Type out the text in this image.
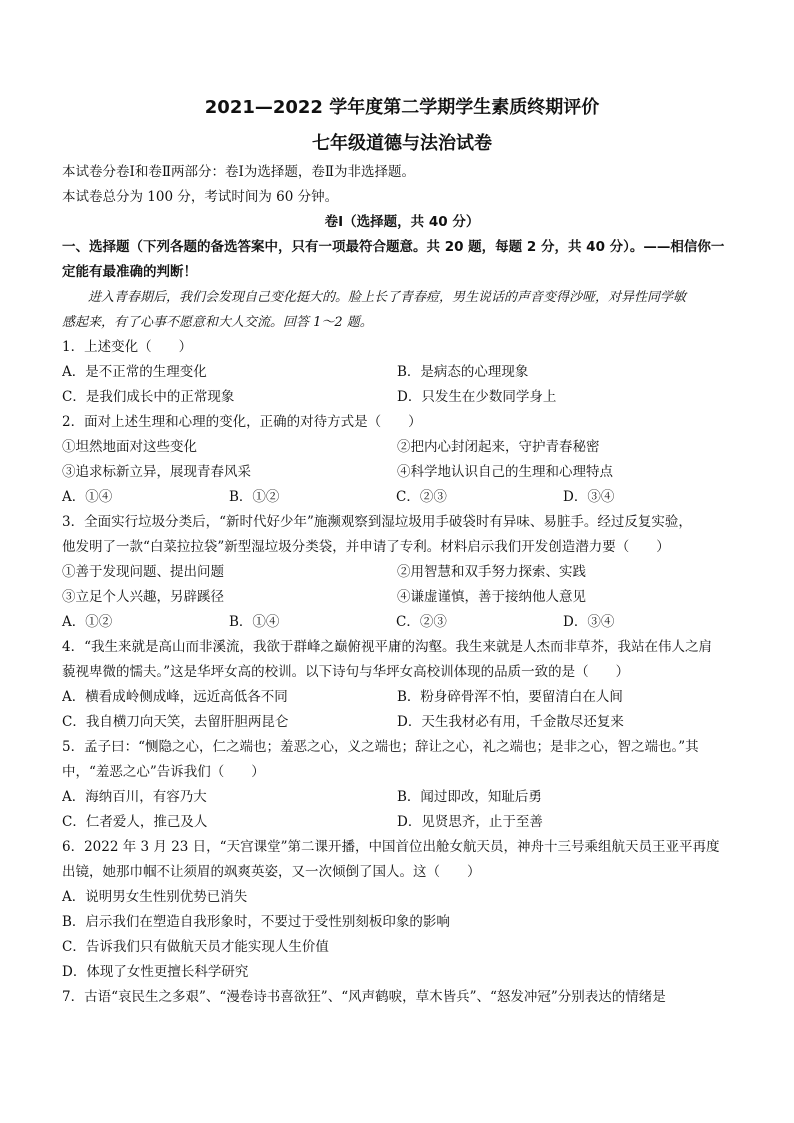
2021—2022 学年度第二学期学生素质终期评价
七年级道德与法治试卷
本试卷分卷Ⅰ和卷Ⅱ两部分：卷Ⅰ为选择题，卷Ⅱ为非选择题。
本试卷总分为 100 分，考试时间为 60 分钟。
卷Ⅰ（选择题，共 40 分）
一、选择题（下列各题的备选答案中，只有一项最符合题意。共 20 题，每题 2 分，共 40 分）。——相信你一
定能有最准确的判断！
进入青春期后，我们会发现自己变化挺大的。脸上长了青春痘，男生说话的声音变得沙哑，对异性同学敏
感起来，有了心事不愿意和大人交流。回答 1～2 题。
1．上述变化（　　）
A．是不正常的生理变化	B．是病态的心理现象
C．是我们成长中的正常现象	D．只发生在少数同学身上
2．面对上述生理和心理的变化，正确的对待方式是（　　）
①坦然地面对这些变化	②把内心封闭起来，守护青春秘密
③追求标新立异，展现青春风采	④科学地认识自己的生理和心理特点
A．①④	B．①②	C．②③	D．③④
3．全面实行垃圾分类后，“新时代好少年”施濒观察到湿垃圾用手破袋时有异味、易脏手。经过反复实验，
他发明了一款“白菜拉拉袋”新型湿垃圾分类袋，并申请了专利。材料启示我们开发创造潜力要（　　）
①善于发现问题、提出问题	②用智慧和双手努力探索、实践
③立足个人兴趣，另辟蹊径	④谦虚谨慎，善于接纳他人意见
A．①②	B．①④	C．②③	D．③④
4．“我生来就是高山而非溪流，我欲于群峰之巅俯视平庸的沟壑。我生来就是人杰而非草芥，我站在伟人之肩
藐视卑微的懦夫。”这是华坪女高的校训。以下诗句与华坪女高校训体现的品质一致的是（　　）
A．横看成岭侧成峰，远近高低各不同	B．粉身碎骨浑不怕，要留清白在人间
C．我自横刀向天笑，去留肝胆两昆仑	D．天生我材必有用，千金散尽还复来
5．孟子曰：“恻隐之心，仁之端也；羞恶之心，义之端也；辞让之心，礼之端也；是非之心，智之端也。”其
中，“羞恶之心”告诉我们（　　）
A．海纳百川，有容乃大	B．闻过即改，知耻后勇
C．仁者爱人，推己及人	D．见贤思齐，止于至善
6．2022 年 3 月 23 日，“天宫课堂”第二课开播，中国首位出舱女航天员，神舟十三号乘组航天员王亚平再度
出镜，她那巾帼不让须眉的飒爽英姿，又一次倾倒了国人。这（　　）
A．说明男女生性别优势已消失
B．启示我们在塑造自我形象时，不要过于受性别刻板印象的影响
C．告诉我们只有做航天员才能实现人生价值
D．体现了女性更擅长科学研究
7．古语“哀民生之多艰”、“漫卷诗书喜欲狂”、“风声鹤唳，草木皆兵”、“怒发冲冠”分别表达的情绪是
